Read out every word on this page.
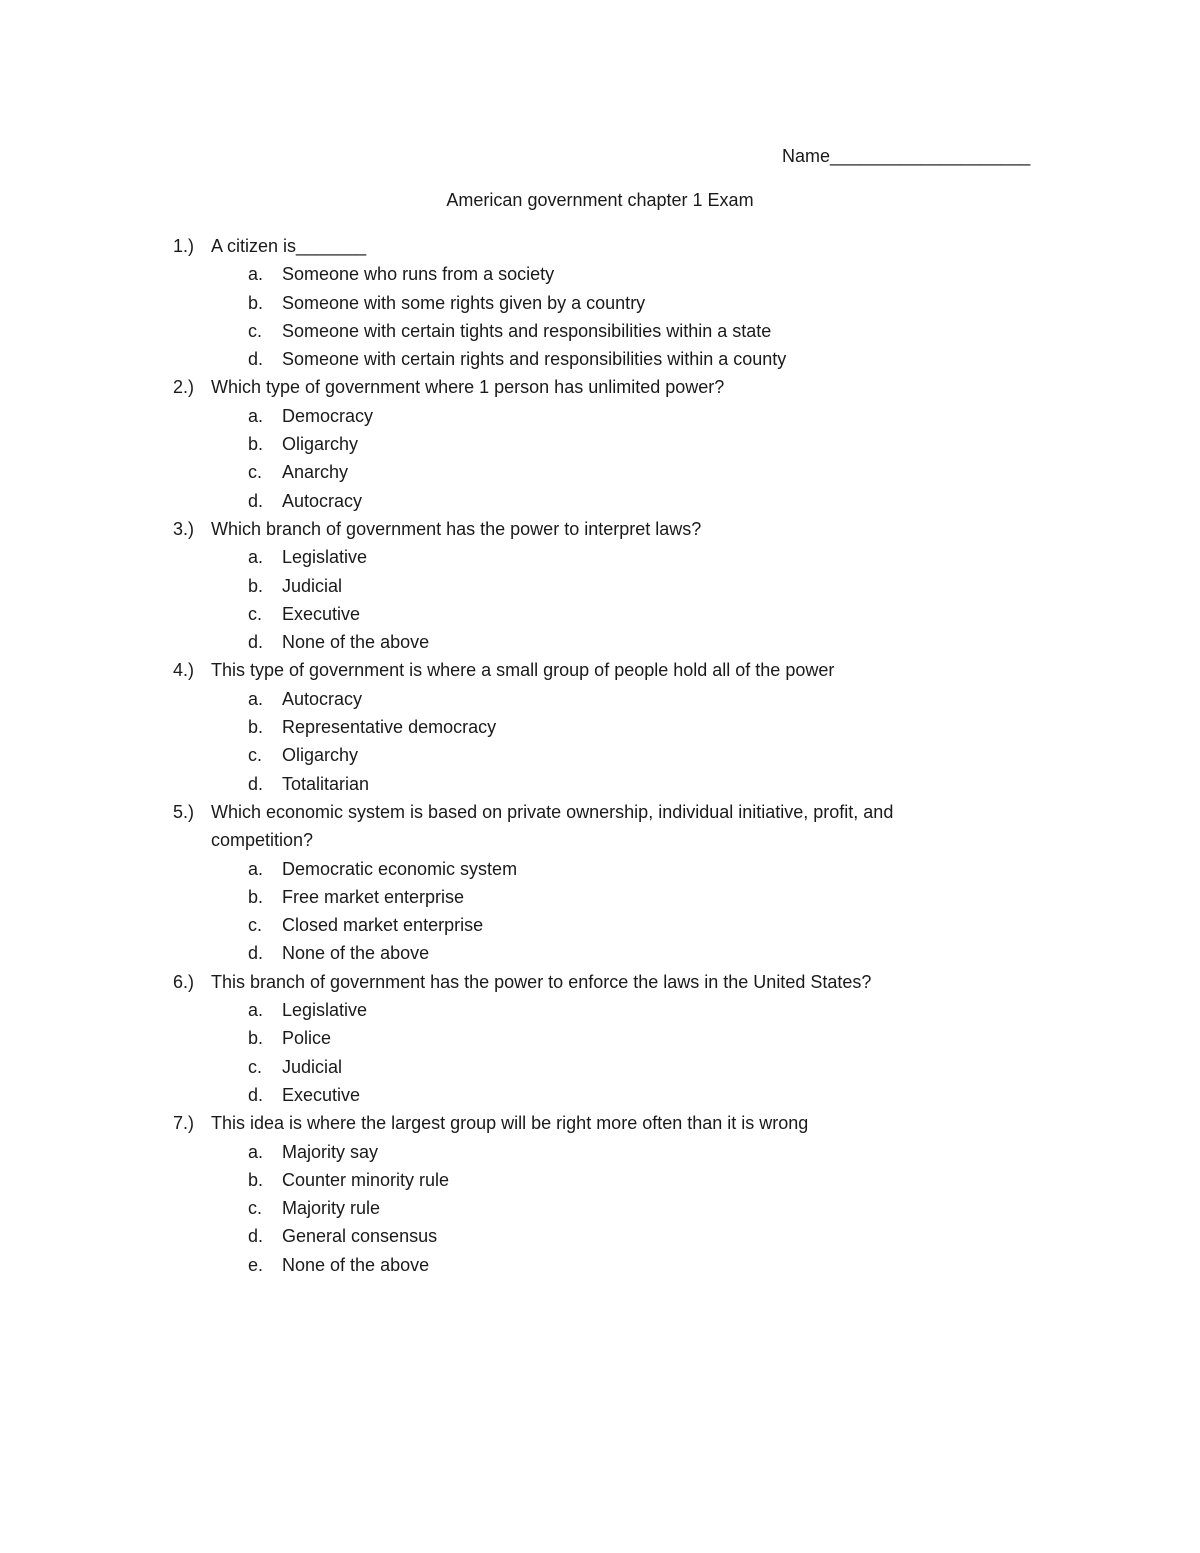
Name____________________
American government chapter 1 Exam
1.) A citizen is_______
a.	Someone who runs from a society
b.	Someone with some rights given by a country
c.	Someone with certain tights and responsibilities within a state
d.	Someone with certain rights and responsibilities within a county
2.) Which type of government where 1 person has unlimited power?
a.	Democracy
b.	Oligarchy
c.	Anarchy
d.	Autocracy
3.) Which branch of government has the power to interpret laws?
a.	Legislative
b.	Judicial
c.	Executive
d.	None of the above
4.) This type of government is where a small group of people hold all of the power
a.	Autocracy
b.	Representative democracy
c.	Oligarchy
d.	Totalitarian
5.) Which economic system is based on private ownership, individual initiative, profit, and competition?
a.	Democratic economic system
b.	Free market enterprise
c.	Closed market enterprise
d.	None of the above
6.) This branch of government has the power to enforce the laws in the United States?
a.	Legislative
b.	Police
c.	Judicial
d.	Executive
7.) This idea is where the largest group will be right more often than it is wrong
a.	Majority say
b.	Counter minority rule
c.	Majority rule
d.	General consensus
e.	None of the above
